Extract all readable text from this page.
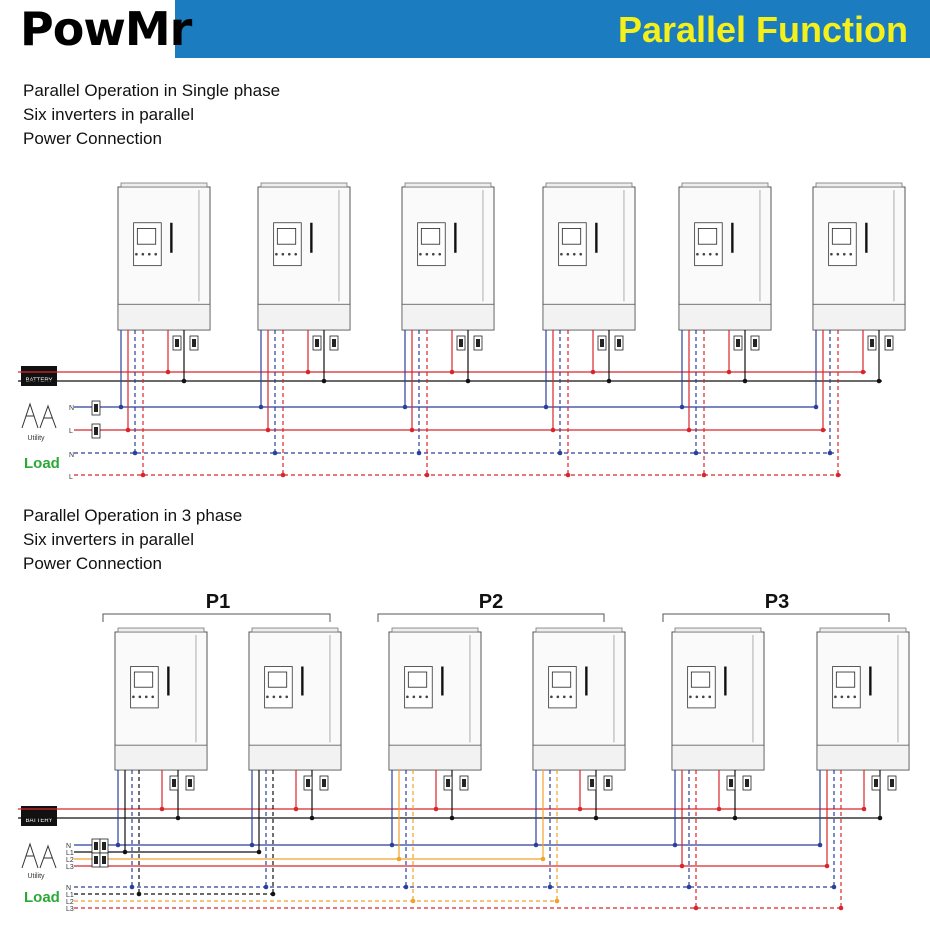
PowMr	Parallel Function
Parallel Operation in Single phase
Six inverters in parallel
Power Connection
Parallel Operation in 3 phase
Six inverters in parallel
Power Connection
BATTERY
Utility
Load
N
L
N
L
P1	P2	P3
BATTERY
Utility
Load
N
L1
L2
L3
N
L1
L2
L3
